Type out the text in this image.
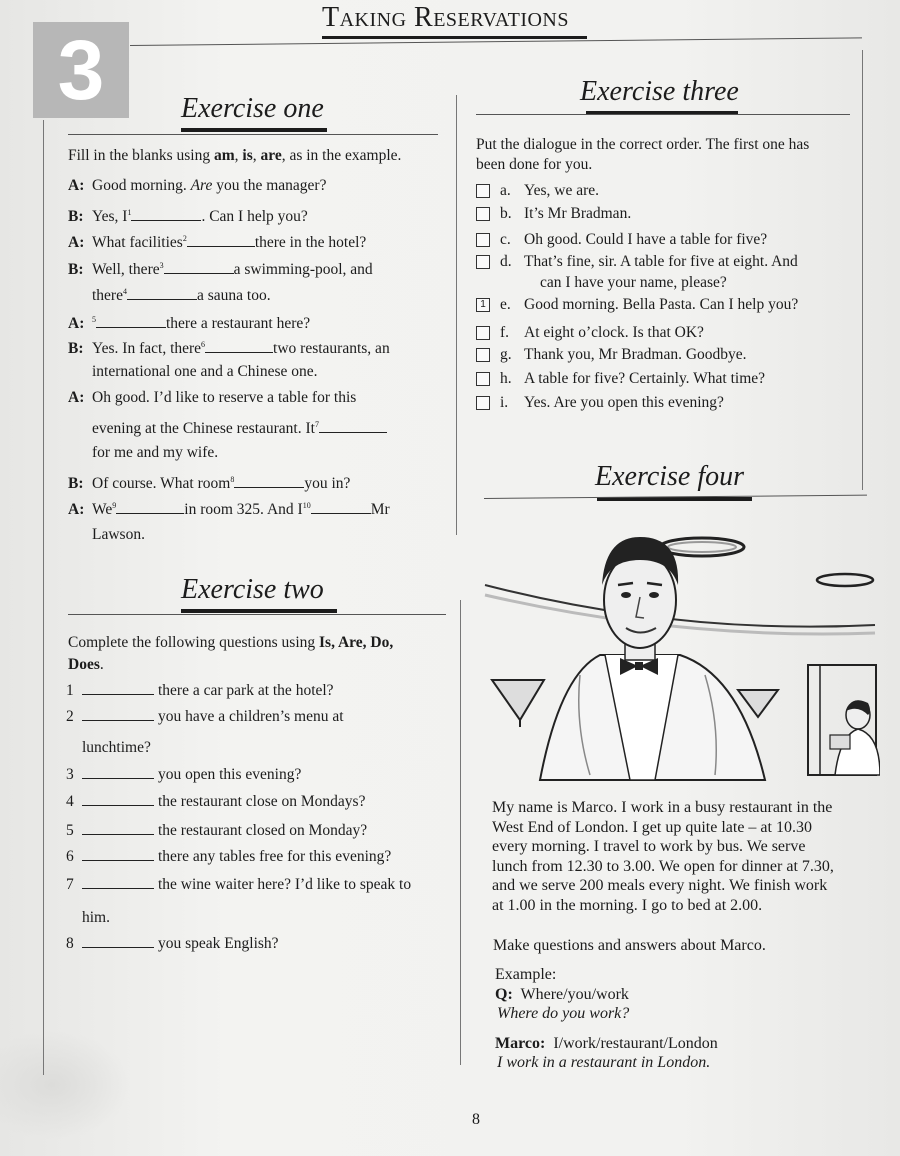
3
Taking Reservations
Exercise one
Fill in the blanks using am, is, are, as in the example.
A: Good morning. Are you the manager?
B: Yes, $I^1$	. Can I help you?
A: What facilities$^2$	there in the hotel?
B: Well, there$^3$	a swimming-pool, and
there$^4$	a sauna too.
A: $^5$	there a restaurant here?
B: Yes. In fact, there$^6$	two restaurants, an
international one and a Chinese one.
A: Oh good. I’d like to reserve a table for this
evening at the Chinese restaurant. It$^7$
for me and my wife.
B: Of course. What room$^8$	you in?
A: We$^9$	in room 325. And $I^{10}$	Mr
Lawson.
Exercise two
Complete the following questions using Is, Are, Do,
Does.
1	there a car park at the hotel?
2	you have a children’s menu at
lunchtime?
3	you open this evening?
4	the restaurant close on Mondays?
5	the restaurant closed on Monday?
6	there any tables free for this evening?
7	the wine waiter here? I’d like to speak to
him.
8	you speak English?
Exercise three
Put the dialogue in the correct order. The first one has
been done for you.
a. Yes, we are.
b. It’s Mr Bradman.
c. Oh good. Could I have a table for five?
d. That’s fine, sir. A table for five at eight. And
can I have your name, please?
1 e. Good morning. Bella Pasta. Can I help you?
f. At eight o’clock. Is that OK?
g. Thank you, Mr Bradman. Goodbye.
h. A table for five? Certainly. What time?
i. Yes. Are you open this evening?
Exercise four
My name is Marco. I work in a busy restaurant in the
West End of London. I get up quite late – at 10.30
every morning. I travel to work by bus. We serve
lunch from 12.30 to 3.00. We open for dinner at 7.30,
and we serve 200 meals every night. We finish work
at 1.00 in the morning. I go to bed at 2.00.
Make questions and answers about Marco.
Example:
Q: Where/you/work
Where do you work?
Marco: I/work/restaurant/London
I work in a restaurant in London.
8
